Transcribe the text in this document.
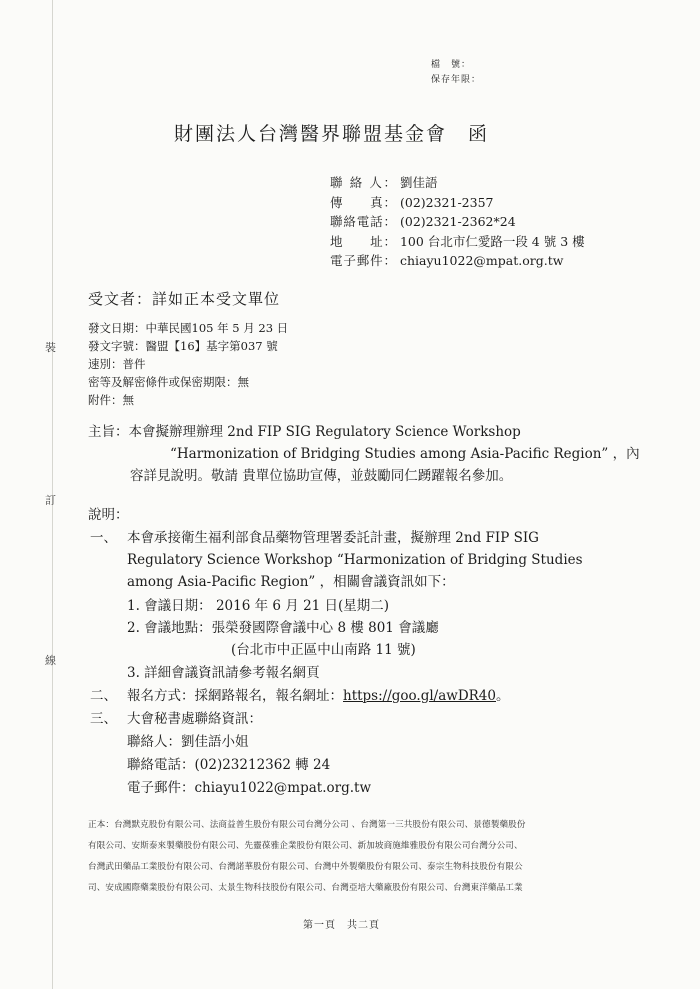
檔　號：
保存年限：
財團法人台灣醫界聯盟基金會　函
聯 絡 人： 劉佳語
傳　　真： (02)2321-2357
聯絡電話： (02)2321-2362*24
地　　址： 100 台北市仁愛路一段 4 號 3 樓
電子郵件： chiayu1022@mpat.org.tw
受文者：詳如正本受文單位
發文日期：中華民國105 年 5 月 23 日
發文字號：醫盟【16】基字第037 號
速別：普件
密等及解密條件或保密期限：無
附件：無
裝
訂
線
主旨：本會擬辦理辦理 2nd FIP SIG Regulatory Science Workshop
“Harmonization of Bridging Studies among Asia-Pacific Region” ，內
容詳見說明。敬請 貴單位協助宣傳，並鼓勵同仁踴躍報名參加。
說明：
一、 本會承接衛生福利部食品藥物管理署委託計畫，擬辦理 2nd FIP SIG
Regulatory Science Workshop “Harmonization of Bridging Studies
among Asia-Pacific Region” ，相關會議資訊如下：
1. 會議日期： 2016 年 6 月 21 日(星期二)
2. 會議地點：張榮發國際會議中心 8 樓 801 會議廳
(台北市中正區中山南路 11 號)
3. 詳細會議資訊請參考報名網頁
二、 報名方式：採網路報名，報名網址：https://goo.gl/awDR40。
三、 大會秘書處聯絡資訊：
聯絡人：劉佳語小姐
聯絡電話：(02)23212362 轉 24
電子郵件：chiayu1022@mpat.org.tw
正本：台灣默克股份有限公司、法商益普生股份有限公司台灣分公司 、台灣第一三共股份有限公司、景德製藥股份
有限公司、安斯泰來製藥股份有限公司、先靈葆雅企業股份有限公司、新加坡商施維雅股份有限公司台灣分公司、
台灣武田藥品工業股份有限公司、台灣諾華股份有限公司、台灣中外製藥股份有限公司、泰宗生物科技股份有限公
司、安成國際藥業股份有限公司、太景生物科技股份有限公司、台灣亞培大藥廠股份有限公司、台灣東洋藥品工業
第一頁　共二頁
